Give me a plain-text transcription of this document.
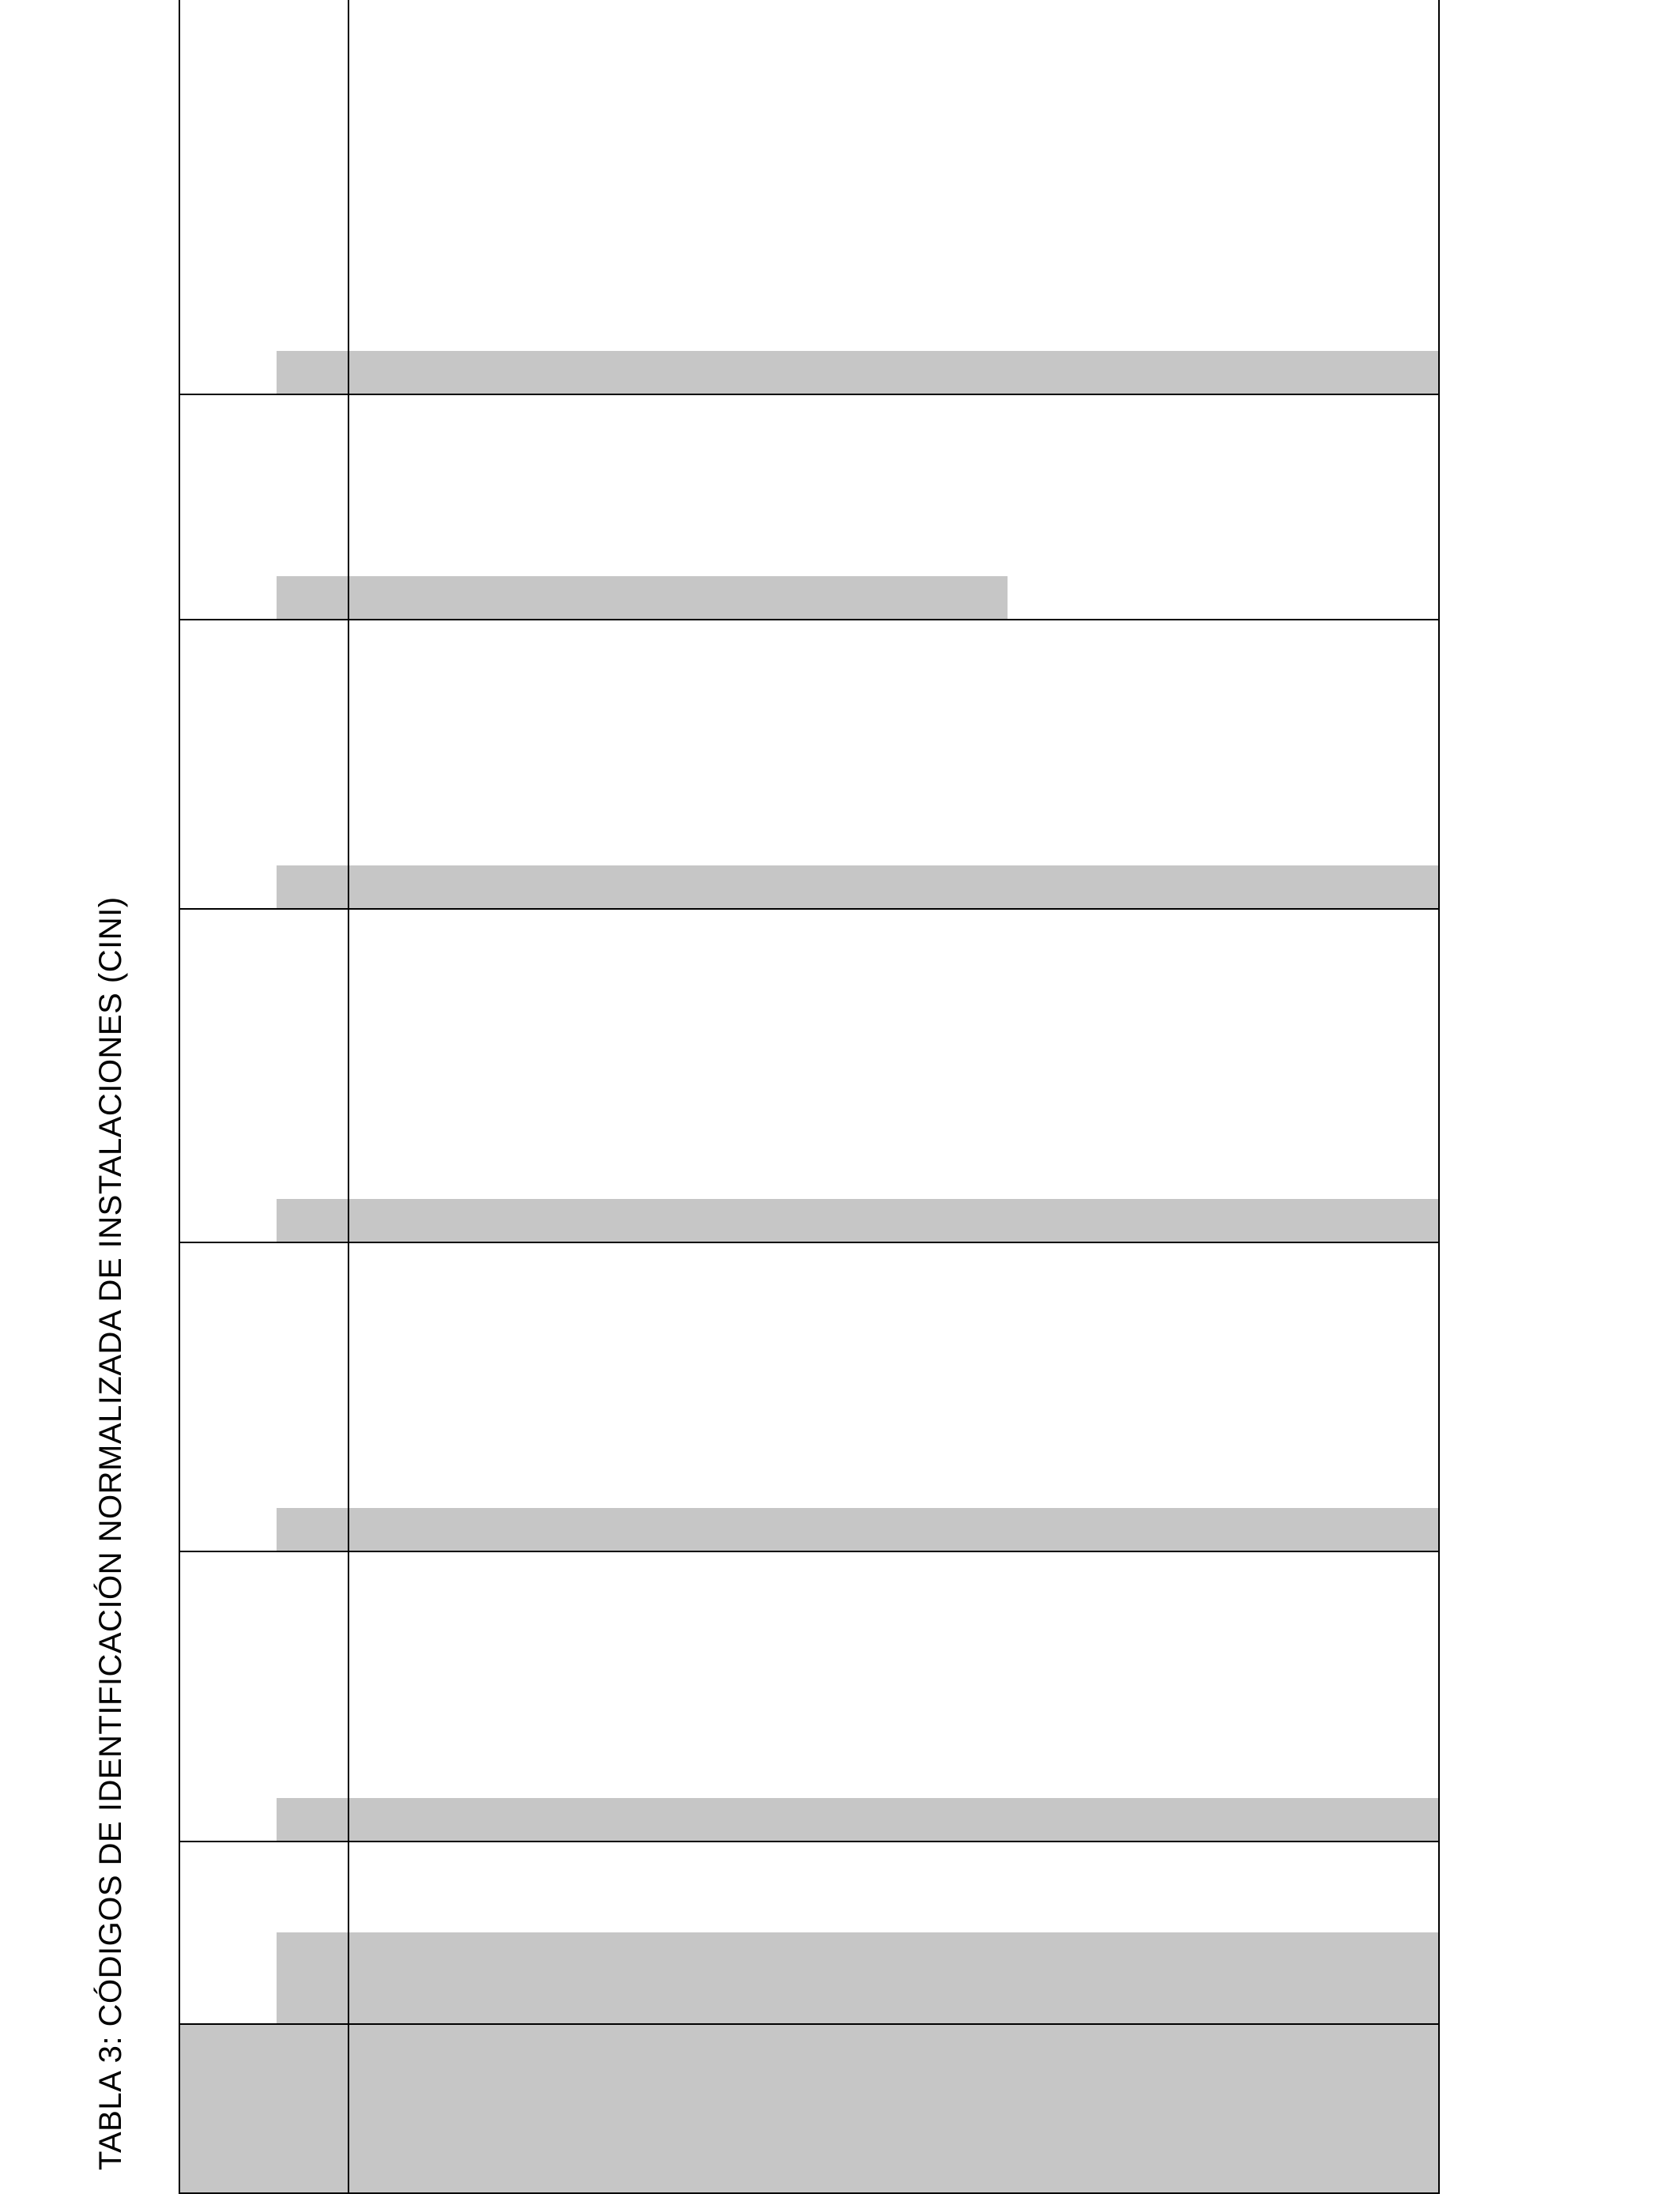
TABLA 3: CÓDIGOS DE IDENTIFICACIÓN NORMALIZADA DE INSTALACIONES (CINI)
